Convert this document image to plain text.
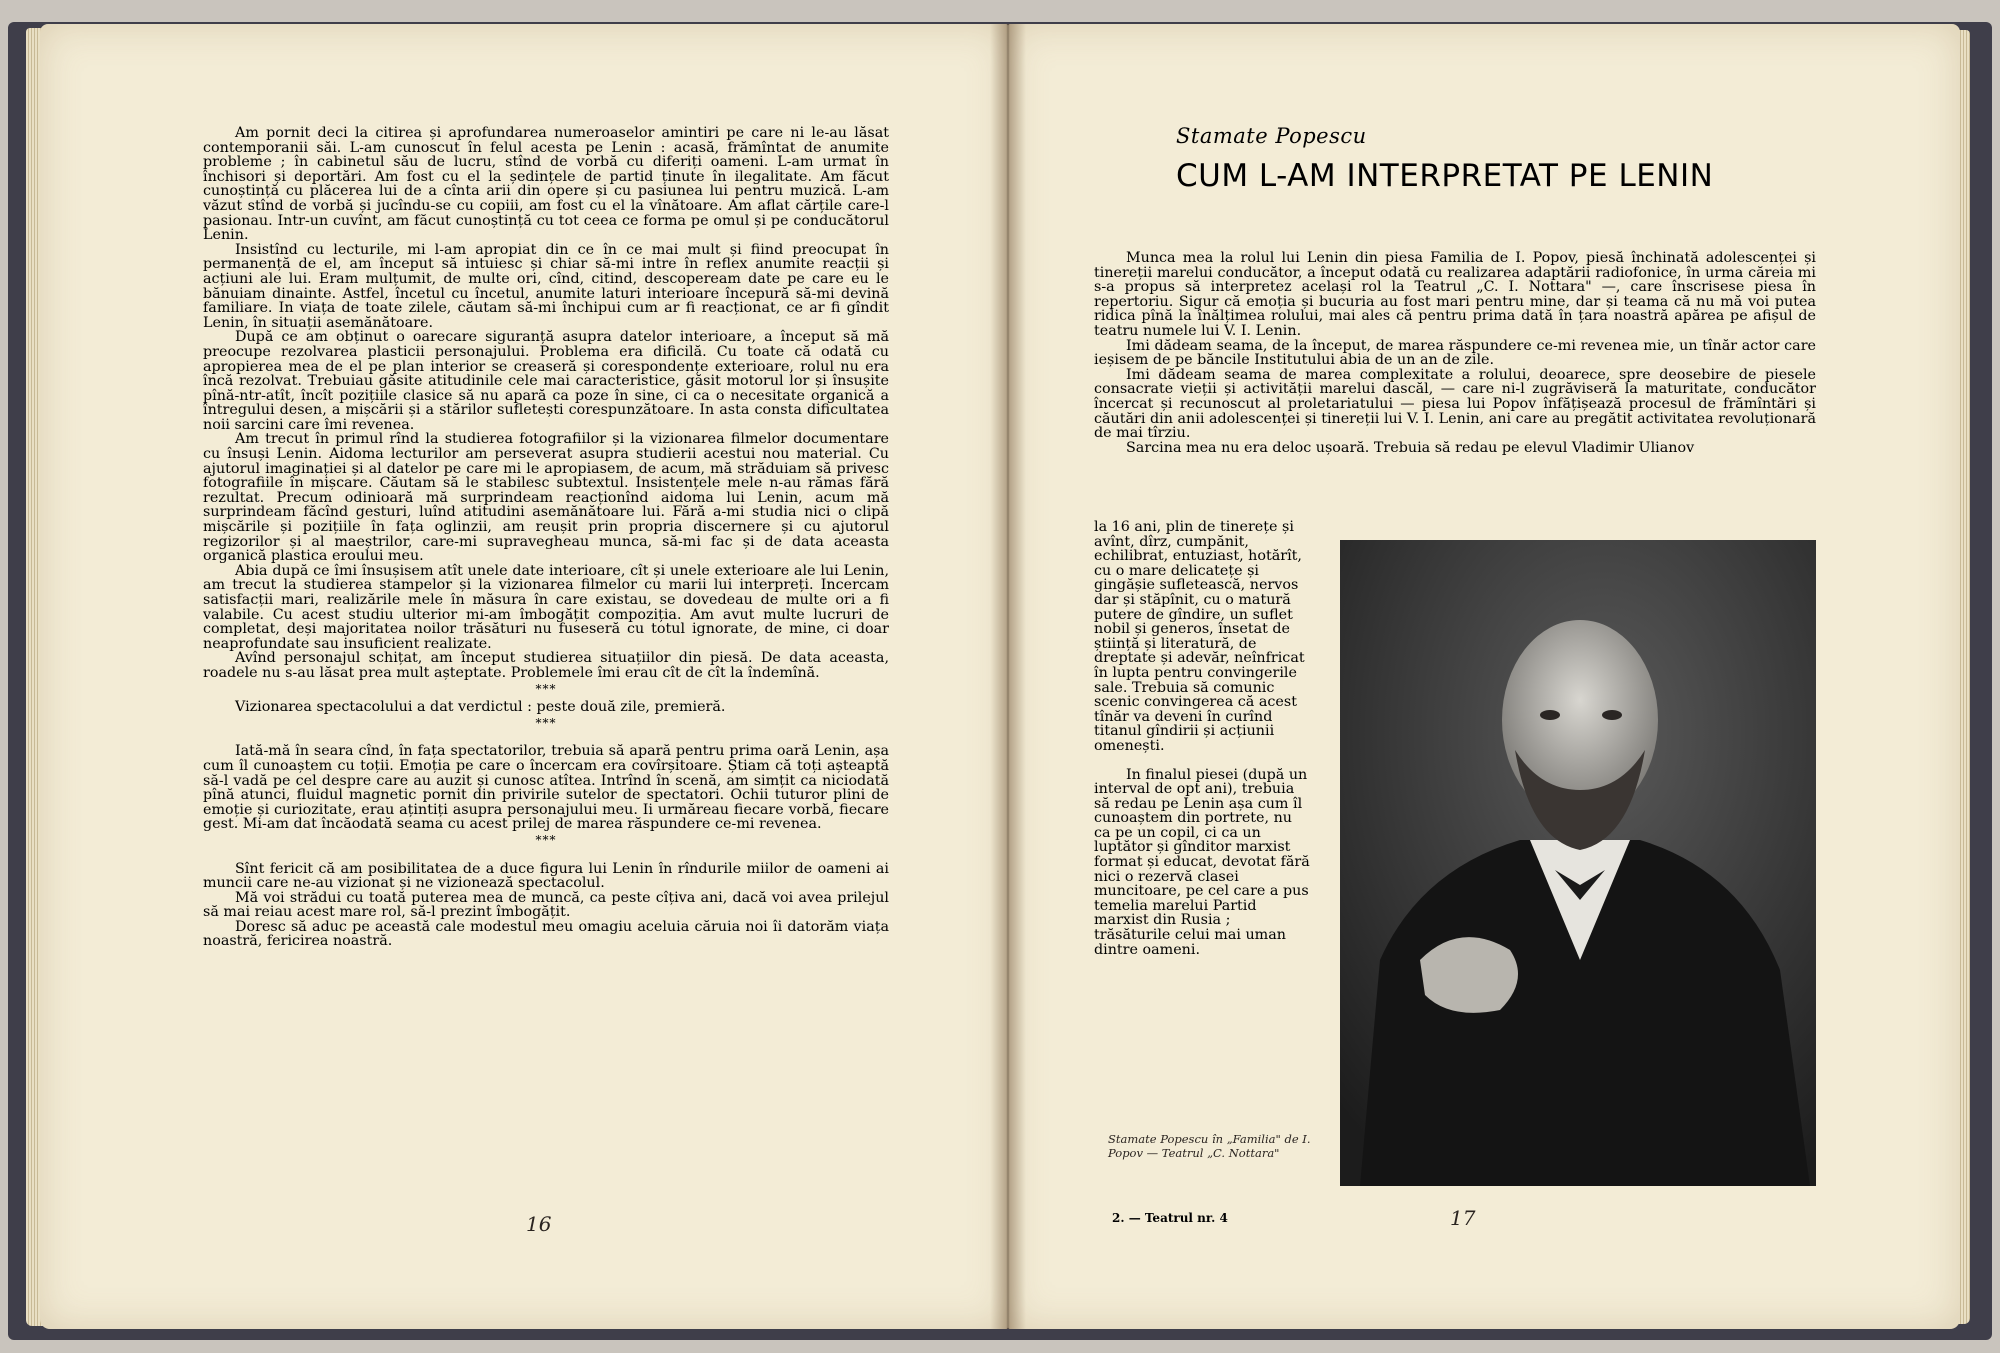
Am pornit deci la citirea și aprofundarea numeroaselor amintiri pe care ni le-au lăsat contemporanii săi. L-am cunoscut în felul acesta pe Lenin : acasă, frămîntat de anumite probleme ; în cabinetul său de lucru, stînd de vorbă cu diferiți oameni. L-am urmat în închisori și deportări. Am fost cu el la ședințele de partid ținute în ilegalitate. Am făcut cunoștință cu plăcerea lui de a cînta arii din opere și cu pasiunea lui pentru muzică. L-am văzut stînd de vorbă și jucîndu-se cu copiii, am fost cu el la vînătoare. Am aflat cărțile care-l pasionau. Intr-un cuvînt, am făcut cunoștință cu tot ceea ce forma pe omul și pe conducătorul Lenin.

Insistînd cu lecturile, mi l-am apropiat din ce în ce mai mult și fiind preocupat în permanență de el, am început să intuiesc și chiar să-mi intre în reflex anumite reacții și acțiuni ale lui. Eram mulțumit, de multe ori, cînd, citind, descopeream date pe care eu le bănuiam dinainte. Astfel, încetul cu încetul, anumite laturi interioare începură să-mi devină familiare. In viața de toate zilele, căutam să-mi închipui cum ar fi reacționat, ce ar fi gîndit Lenin, în situații asemănătoare.

După ce am obținut o oarecare siguranță asupra datelor interioare, a început să mă preocupe rezolvarea plasticii personajului. Problema era dificilă. Cu toate că odată cu apropierea mea de el pe plan interior se creaseră și corespondențe exterioare, rolul nu era încă rezolvat. Trebuiau găsite atitudinile cele mai caracteristice, găsit motorul lor și însușite pînă-ntr-atît, încît pozițiile clasice să nu apară ca poze în sine, ci ca o necesitate organică a întregului desen, a mișcării și a stărilor sufletești corespunzătoare. In asta consta dificultatea noii sarcini care îmi revenea.

Am trecut în primul rînd la studierea fotografiilor și la vizionarea filmelor documentare cu însuși Lenin. Aidoma lecturilor am perseverat asupra studierii acestui nou material. Cu ajutorul imaginației și al datelor pe care mi le apropiasem, de acum, mă străduiam să privesc fotografiile în mișcare. Căutam să le stabilesc subtextul. Insistențele mele n-au rămas fără rezultat. Precum odinioară mă surprindeam reacționînd aidoma lui Lenin, acum mă surprindeam făcînd gesturi, luînd atitudini asemănătoare lui. Fără a-mi studia nici o clipă mișcările și pozițiile în fața oglinzii, am reușit prin propria discernere și cu ajutorul regizorilor și al maeștrilor, care-mi supravegheau munca, să-mi fac și de data aceasta organică plastica eroului meu.

Abia după ce îmi însușisem atît unele date interioare, cît și unele exterioare ale lui Lenin, am trecut la studierea stampelor și la vizionarea filmelor cu marii lui interpreți. Incercam satisfacții mari, realizările mele în măsura în care existau, se dovedeau de multe ori a fi valabile. Cu acest studiu ulterior mi-am îmbogățit compoziția. Am avut multe lucruri de completat, deși majoritatea noilor trăsături nu fuseseră cu totul ignorate, de mine, ci doar neaprofundate sau insuficient realizate.

Avînd personajul schițat, am început studierea situațiilor din piesă. De data aceasta, roadele nu s-au lăsat prea mult așteptate. Problemele îmi erau cît de cît la îndemînă.

***

Vizionarea spectacolului a dat verdictul : peste două zile, premieră.

***

Iată-mă în seara cînd, în fața spectatorilor, trebuia să apară pentru prima oară Lenin, așa cum îl cunoaștem cu toții. Emoția pe care o încercam era covîrșitoare. Știam că toți așteaptă să-l vadă pe cel despre care au auzit și cunosc atîtea. Intrînd în scenă, am simțit ca niciodată pînă atunci, fluidul magnetic pornit din privirile sutelor de spectatori. Ochii tuturor plini de emoție și curiozitate, erau ațintiți asupra personajului meu. Ii urmăreau fiecare vorbă, fiecare gest. Mi-am dat încăodată seama cu acest prilej de marea răspundere ce-mi revenea.

***

Sînt fericit că am posibilitatea de a duce figura lui Lenin în rîndurile miilor de oameni ai muncii care ne-au vizionat și ne vizionează spectacolul.

Mă voi strădui cu toată puterea mea de muncă, ca peste cîțiva ani, dacă voi avea prilejul să mai reiau acest mare rol, să-l prezint îmbogățit.

Doresc să aduc pe această cale modestul meu omagiu aceluia căruia noi îi datorăm viața noastră, fericirea noastră.

16
Stamate Popescu
CUM L-AM INTERPRETAT PE LENIN

Munca mea la rolul lui Lenin din piesa Familia de I. Popov, piesă închinată adolescenței și tinereții marelui conducător, a început odată cu realizarea adaptării radiofonice, în urma căreia mi s-a propus să interpretez același rol la Teatrul „C. I. Nottara" —, care înscrisese piesa în repertoriu. Sigur că emoția și bucuria au fost mari pentru mine, dar și teama că nu mă voi putea ridica pînă la înălțimea rolului, mai ales că pentru prima dată în țara noastră apărea pe afișul de teatru numele lui V. I. Lenin.

Imi dădeam seama, de la început, de marea răspundere ce-mi revenea mie, un tînăr actor care ieșisem de pe băncile Institutului abia de un an de zile.

Imi dădeam seama de marea complexitate a rolului, deoarece, spre deosebire de piesele consacrate vieții și activității marelui dascăl, — care ni-l zugrăviseră la maturitate, conducător încercat și recunoscut al proletariatului — piesa lui Popov înfățișează procesul de frămîntări și căutări din anii adolescenței și tinereții lui V. I. Lenin, ani care au pregătit activitatea revoluționară de mai tîrziu.

Sarcina mea nu era deloc ușoară. Trebuia să redau pe elevul Vladimir Ulianov

la 16 ani, plin de tinerețe și avînt, dîrz, cumpănit, echilibrat, entuziast, hotărît, cu o mare delicatețe și gingășie sufletească, nervos dar și stăpînit, cu o matură putere de gîndire, un suflet nobil și generos, însetat de știință și literatură, de dreptate și adevăr, neînfricat în lupta pentru convingerile sale. Trebuia să comunic scenic convingerea că acest tînăr va deveni în curînd titanul gîndirii și acțiunii omenești.

In finalul piesei (după un interval de opt ani), trebuia să redau pe Lenin așa cum îl cunoaștem din portrete, nu ca pe un copil, ci ca un luptător și gînditor marxist format și educat, devotat fără nici o rezervă clasei muncitoare, pe cel care a pus temelia marelui Partid marxist din Rusia ; trăsăturile celui mai uman dintre oameni.

Stamate Popescu în „Familia" de I. Popov — Teatrul „C. Nottara"
2. — Teatrul nr. 4	17
